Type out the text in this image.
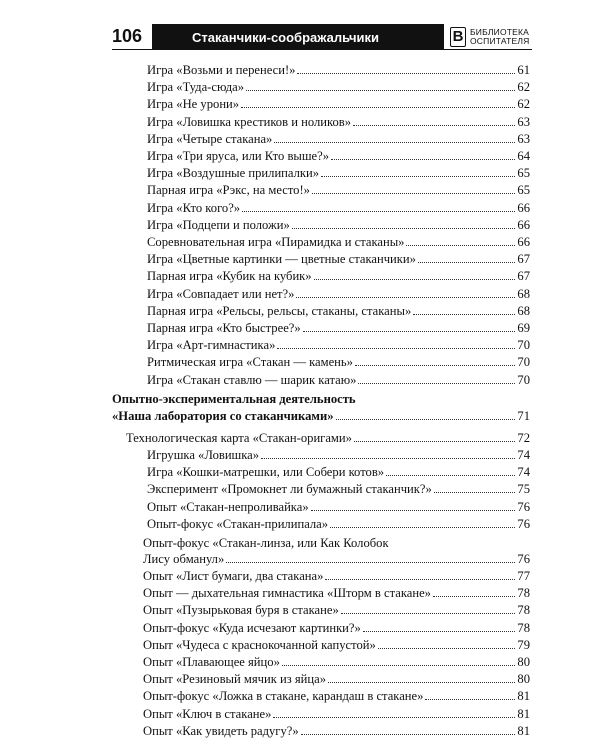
106	Стаканчики-соображальчики	В БИБЛИОТЕКА
ОСПИТАТЕЛЯ
Игра «Возьми и перенеси!»	61
Игра «Туда-сюда»	62
Игра «Не урони»	62
Игра «Ловишка крестиков и ноликов»	63
Игра «Четыре стакана»	63
Игра «Три яруса, или Кто выше?»	64
Игра «Воздушные прилипалки»	65
Парная игра «Рэкс, на место!»	65
Игра «Кто кого?»	66
Игра «Подцепи и положи»	66
Соревновательная игра «Пирамидка и стаканы»	66
Игра «Цветные картинки — цветные стаканчики»	67
Парная игра «Кубик на кубик»	67
Игра «Совпадает или нет?»	68
Парная игра «Рельсы, рельсы, стаканы, стаканы»	68
Парная игра «Кто быстрее?»	69
Игра «Арт-гимнастика»	70
Ритмическая игра «Стакан — камень»	70
Игра «Стакан ставлю — шарик катаю»	70
Опытно-экспериментальная деятельность
«Наша лаборатория со стаканчиками»	71
Технологическая карта «Стакан-оригами»	72
Игрушка «Ловишка»	74
Игра «Кошки-матрешки, или Собери котов»	74
Эксперимент «Промокнет ли бумажный стаканчик?»	75
Опыт «Стакан-непроливайка»	76
Опыт-фокус «Стакан-прилипала»	76
Опыт-фокус «Стакан-линза, или Как Колобок
Лису обманул»	76
Опыт «Лист бумаги, два стакана»	77
Опыт — дыхательная гимнастика «Шторм в стакане»	78
Опыт «Пузырьковая буря в стакане»	78
Опыт-фокус «Куда исчезают картинки?»	78
Опыт «Чудеса с краснокочанной капустой»	79
Опыт «Плавающее яйцо»	80
Опыт «Резиновый мячик из яйца»	80
Опыт-фокус «Ложка в стакане, карандаш в стакане»	81
Опыт «Ключ в стакане»	81
Опыт «Как увидеть радугу?»	81
